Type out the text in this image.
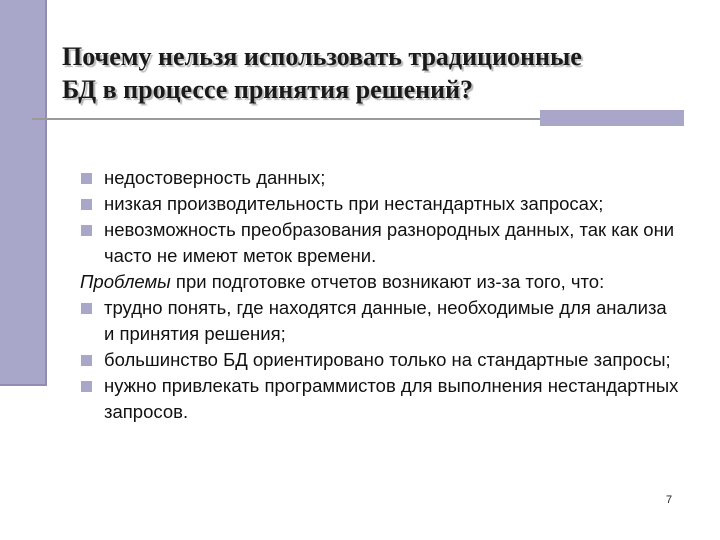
Почему нельзя использовать традиционные
БД в процессе принятия решений?
недостоверность данных;
низкая производительность при нестандартных запросах;
невозможность преобразования разнородных данных, так как они часто не имеют меток времени.
Проблемы при подготовке отчетов возникают из-за того, что:
трудно понять, где находятся данные, необходимые для анализа и принятия решения;
большинство БД ориентировано только на стандартные запросы;
нужно привлекать программистов для выполнения нестандартных запросов.
7
